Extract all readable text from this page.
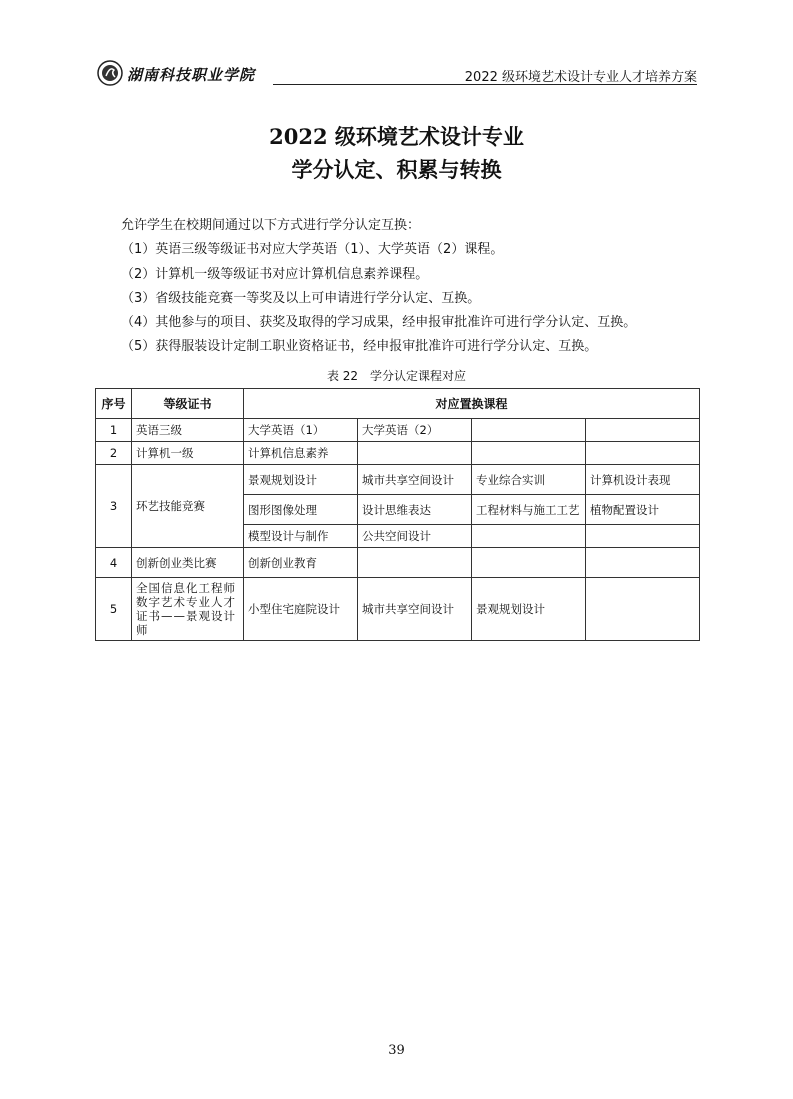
湖南科技职业学院	2022 级环境艺术设计专业人才培养方案
2022 级环境艺术设计专业
学分认定、积累与转换

允许学生在校期间通过以下方式进行学分认定互换：

（1）英语三级等级证书对应大学英语（1）、大学英语（2）课程。

（2）计算机一级等级证书对应计算机信息素养课程。

（3）省级技能竞赛一等奖及以上可申请进行学分认定、互换。

（4）其他参与的项目、获奖及取得的学习成果，经申报审批准许可进行学分认定、互换。

（5）获得服装设计定制工职业资格证书，经申报审批准许可进行学分认定、互换。

表 22　学分认定课程对应
序号	等级证书	对应置换课程			
1	英语三级	大学英语（1）	大学英语（2）		
2	计算机一级	计算机信息素养			
3	环艺技能竞赛	景观规划设计	城市共享空间设计	专业综合实训	计算机设计表现
		图形图像处理	设计思维表达	工程材料与施工工艺	植物配置设计
		模型设计与制作	公共空间设计		
4	创新创业类比赛	创新创业教育			
5	全国信息化工程师数字艺术专业人才证书——景观设计师	小型住宅庭院设计	城市共享空间设计	景观规划设计	
39
